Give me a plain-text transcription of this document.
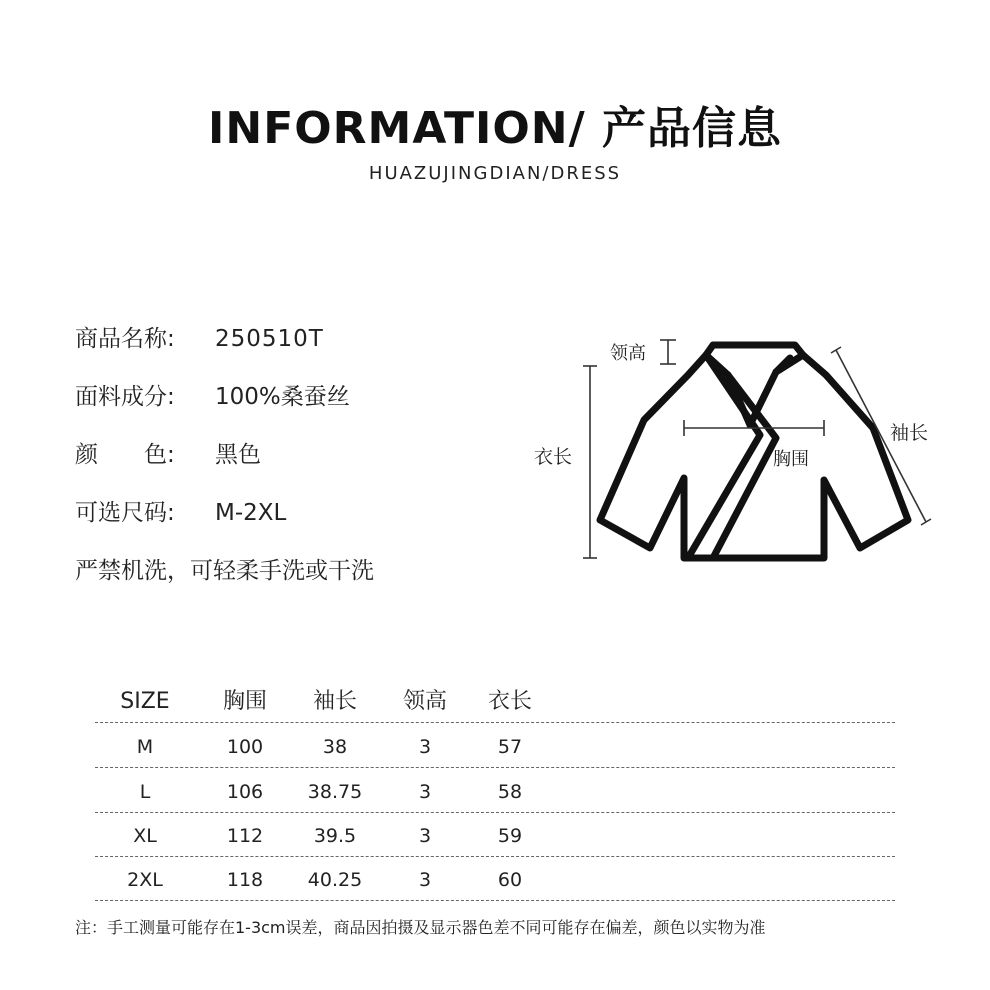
INFORMATION/ 产品信息
HUAZUJINGDIAN/DRESS
商品名称: 250510T
面料成分: 100%桑蚕丝
颜　　色: 黑色
可选尺码: M-2XL
严禁机洗，可轻柔手洗或干洗
领高
衣长	胸围
袖长
SIZE	胸围	袖长	领高	衣长
M	100	38	3	57
L	106	38.75	3	58
XL	112	39.5	3	59
2XL	118	40.25	3	60
注：手工测量可能存在1-3cm误差，商品因拍摄及显示器色差不同可能存在偏差，颜色以实物为准
